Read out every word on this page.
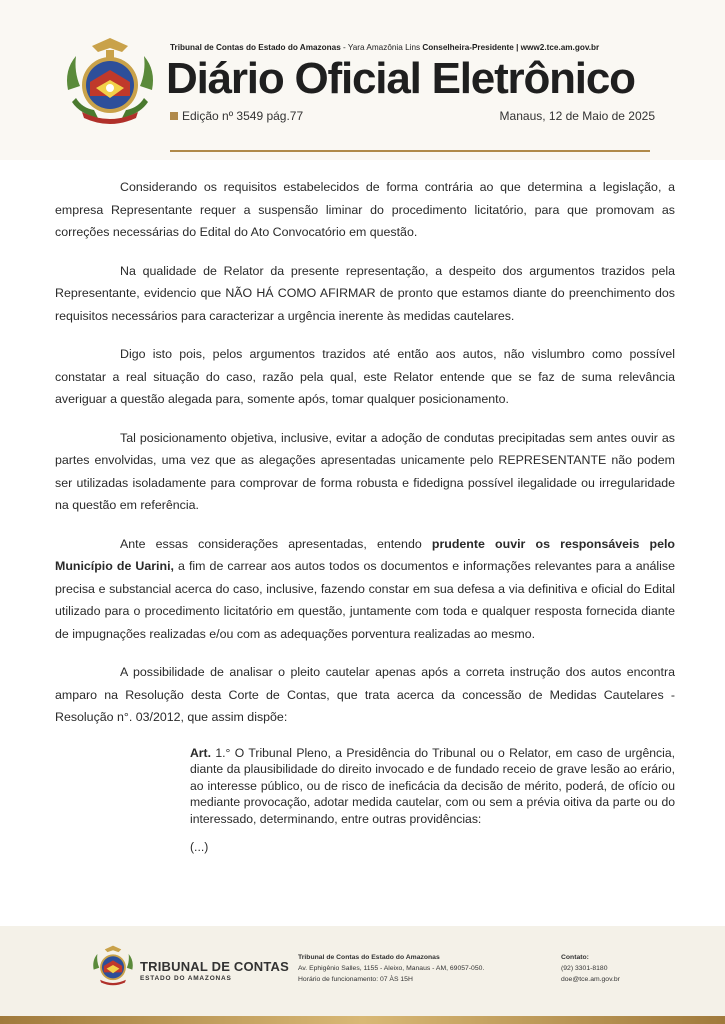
Tribunal de Contas do Estado do Amazonas - Yara Amazônia Lins Conselheira-Presidente | www2.tce.am.gov.br
Diário Oficial Eletrônico
Edição nº 3549 pág.77	Manaus, 12 de Maio de 2025

Considerando os requisitos estabelecidos de forma contrária ao que determina a legislação, a empresa Representante requer a suspensão liminar do procedimento licitatório, para que promovam as correções necessárias do Edital do Ato Convocatório em questão.

Na qualidade de Relator da presente representação, a despeito dos argumentos trazidos pela Representante, evidencio que NÃO HÁ COMO AFIRMAR de pronto que estamos diante do preenchimento dos requisitos necessários para caracterizar a urgência inerente às medidas cautelares.

Digo isto pois, pelos argumentos trazidos até então aos autos, não vislumbro como possível constatar a real situação do caso, razão pela qual, este Relator entende que se faz de suma relevância averiguar a questão alegada para, somente após, tomar qualquer posicionamento.

Tal posicionamento objetiva, inclusive, evitar a adoção de condutas precipitadas sem antes ouvir as partes envolvidas, uma vez que as alegações apresentadas unicamente pelo REPRESENTANTE não podem ser utilizadas isoladamente para comprovar de forma robusta e fidedigna possível ilegalidade ou irregularidade na questão em referência.

Ante essas considerações apresentadas, entendo prudente ouvir os responsáveis pelo Município de Uarini, a fim de carrear aos autos todos os documentos e informações relevantes para a análise precisa e substancial acerca do caso, inclusive, fazendo constar em sua defesa a via definitiva e oficial do Edital utilizado para o procedimento licitatório em questão, juntamente com toda e qualquer resposta fornecida diante de impugnações realizadas e/ou com as adequações porventura realizadas ao mesmo.

A possibilidade de analisar o pleito cautelar apenas após a correta instrução dos autos encontra amparo na Resolução desta Corte de Contas, que trata acerca da concessão de Medidas Cautelares - Resolução n°. 03/2012, que assim dispõe:

Art. 1.° O Tribunal Pleno, a Presidência do Tribunal ou o Relator, em caso de urgência, diante da plausibilidade do direito invocado e de fundado receio de grave lesão ao erário, ao interesse público, ou de risco de ineficácia da decisão de mérito, poderá, de ofício ou mediante provocação, adotar medida cautelar, com ou sem a prévia oitiva da parte ou do interessado, determinando, entre outras providências:

(...)

TRIBUNAL DE CONTAS
ESTADO DO AMAZONAS
Tribunal de Contas do Estado do Amazonas
Av. Ephigênio Salles, 1155 - Aleixo, Manaus - AM, 69057-050.
Horário de funcionamento: 07 ÀS 15H
Contato:
(92) 3301-8180
doe@tce.am.gov.br
